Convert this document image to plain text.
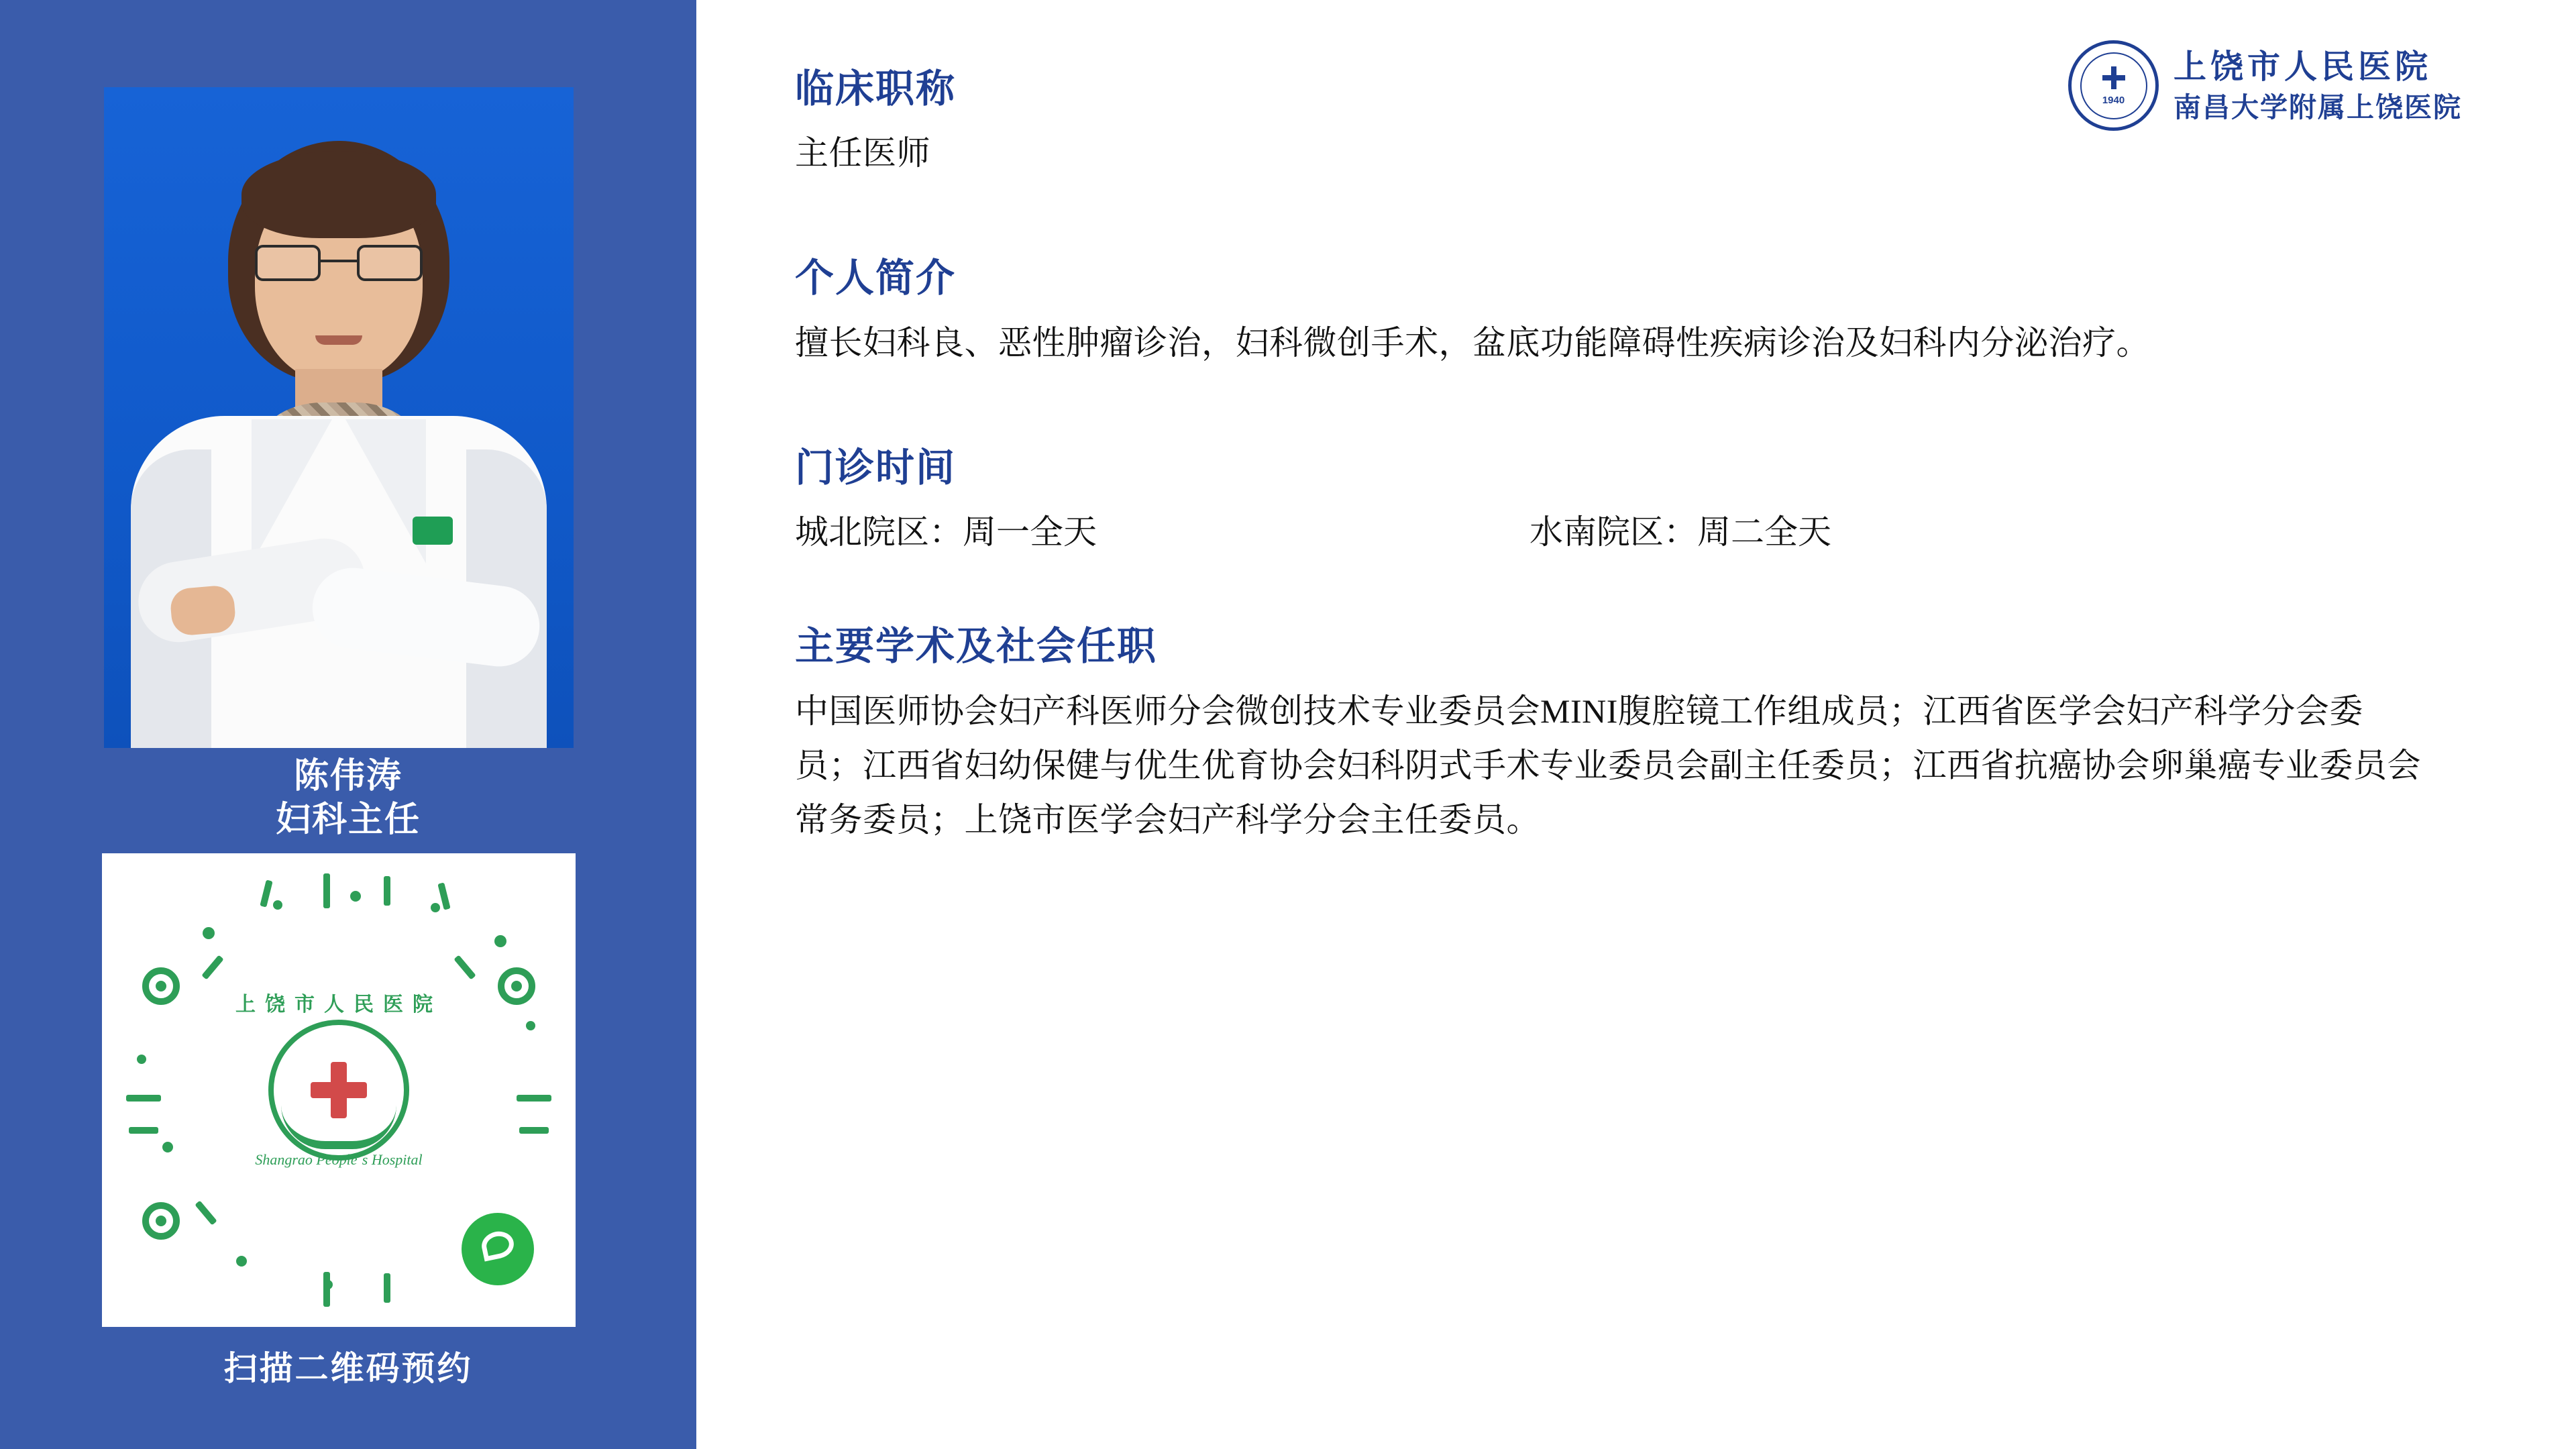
陈伟涛
妇科主任
上饶市人民医院
Shangrao People`s Hospital
扫描二维码预约
1940
上饶市人民医院
南昌大学附属上饶医院
临床职称

主任医师

个人简介

擅长妇科良、恶性肿瘤诊治，妇科微创手术，盆底功能障碍性疾病诊治及妇科内分泌治疗。

门诊时间
城北院区：周一全天	水南院区：周二全天
主要学术及社会任职

中国医师协会妇产科医师分会微创技术专业委员会MINI腹腔镜工作组成员；江西省医学会妇产科学分会委员；江西省妇幼保健与优生优育协会妇科阴式手术专业委员会副主任委员；江西省抗癌协会卵巢癌专业委员会常务委员；上饶市医学会妇产科学分会主任委员。
